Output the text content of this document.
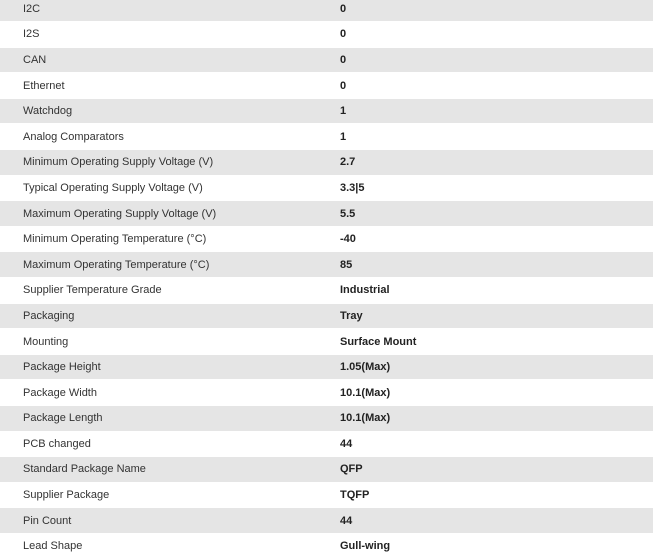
I2C	0
I2S	0
CAN	0
Ethernet	0
Watchdog	1
Analog Comparators	1
Minimum Operating Supply Voltage (V)	2.7
Typical Operating Supply Voltage (V)	3.3|5
Maximum Operating Supply Voltage (V)	5.5
Minimum Operating Temperature (°C)	-40
Maximum Operating Temperature (°C)	85
Supplier Temperature Grade	Industrial
Packaging	Tray
Mounting	Surface Mount
Package Height	1.05(Max)
Package Width	10.1(Max)
Package Length	10.1(Max)
PCB changed	44
Standard Package Name	QFP
Supplier Package	TQFP
Pin Count	44
Lead Shape	Gull-wing
